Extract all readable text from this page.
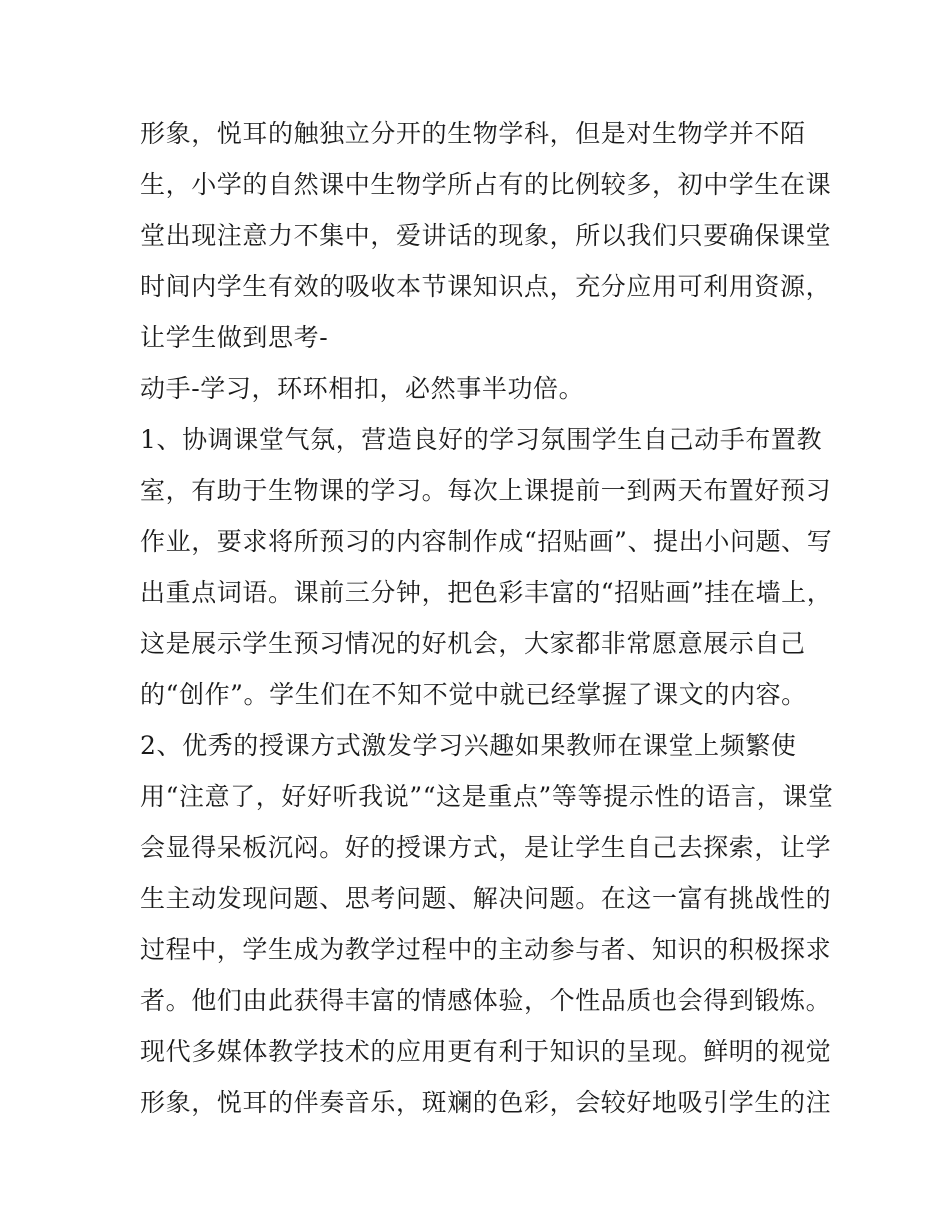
形象，悦耳的触独立分开的生物学科，但是对生物学并不陌
生，小学的自然课中生物学所占有的比例较多，初中学生在课
堂出现注意力不集中，爱讲话的现象，所以我们只要确保课堂
时间内学生有效的吸收本节课知识点，充分应用可利用资源，
让学生做到思考-
动手-学习，环环相扣，必然事半功倍。
1、协调课堂气氛，营造良好的学习氛围学生自己动手布置教
室，有助于生物课的学习。每次上课提前一到两天布置好预习
作业，要求将所预习的内容制作成“招贴画”、提出小问题、写
出重点词语。课前三分钟，把色彩丰富的“招贴画”挂在墙上，
这是展示学生预习情况的好机会，大家都非常愿意展示自己
的“创作”。学生们在不知不觉中就已经掌握了课文的内容。
2、优秀的授课方式激发学习兴趣如果教师在课堂上频繁使
用“注意了，好好听我说”“这是重点”等等提示性的语言，课堂
会显得呆板沉闷。好的授课方式，是让学生自己去探索，让学
生主动发现问题、思考问题、解决问题。在这一富有挑战性的
过程中，学生成为教学过程中的主动参与者、知识的积极探求
者。他们由此获得丰富的情感体验，个性品质也会得到锻炼。
现代多媒体教学技术的应用更有利于知识的呈现。鲜明的视觉
形象，悦耳的伴奏音乐，斑斓的色彩，会较好地吸引学生的注
